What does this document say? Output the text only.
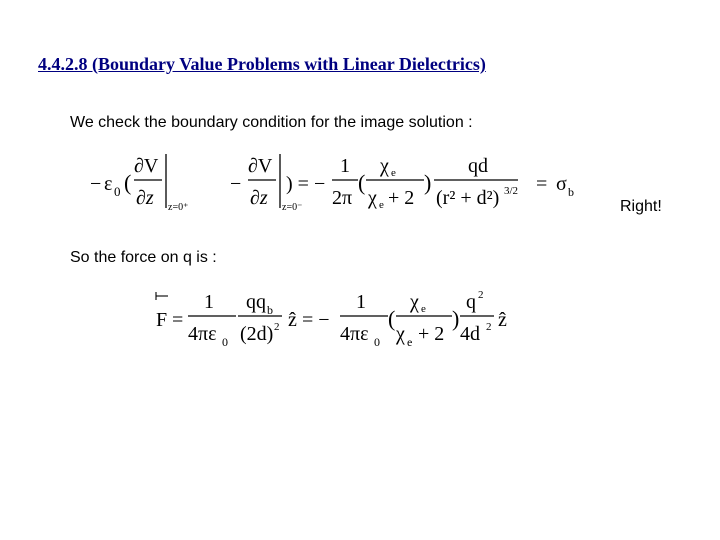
4.4.2.8 (Boundary Value Problems with Linear Dielectrics)
We check the boundary condition for the image solution :
− ε 0 (
∂V
∂z z=0⁺
−
∂V
∂z z=0⁻
) = −
1
2π
(
χ e
χ e + 2
)
qd
(r² + d²) 3/2 = σ b
Right!
So the force on q is :
F =
1
4πε 0
qq b
(2d) 2 ẑ = −
1
4πε 0
(
χ e
χ e + 2
)
q 2
4d 2 ẑ
